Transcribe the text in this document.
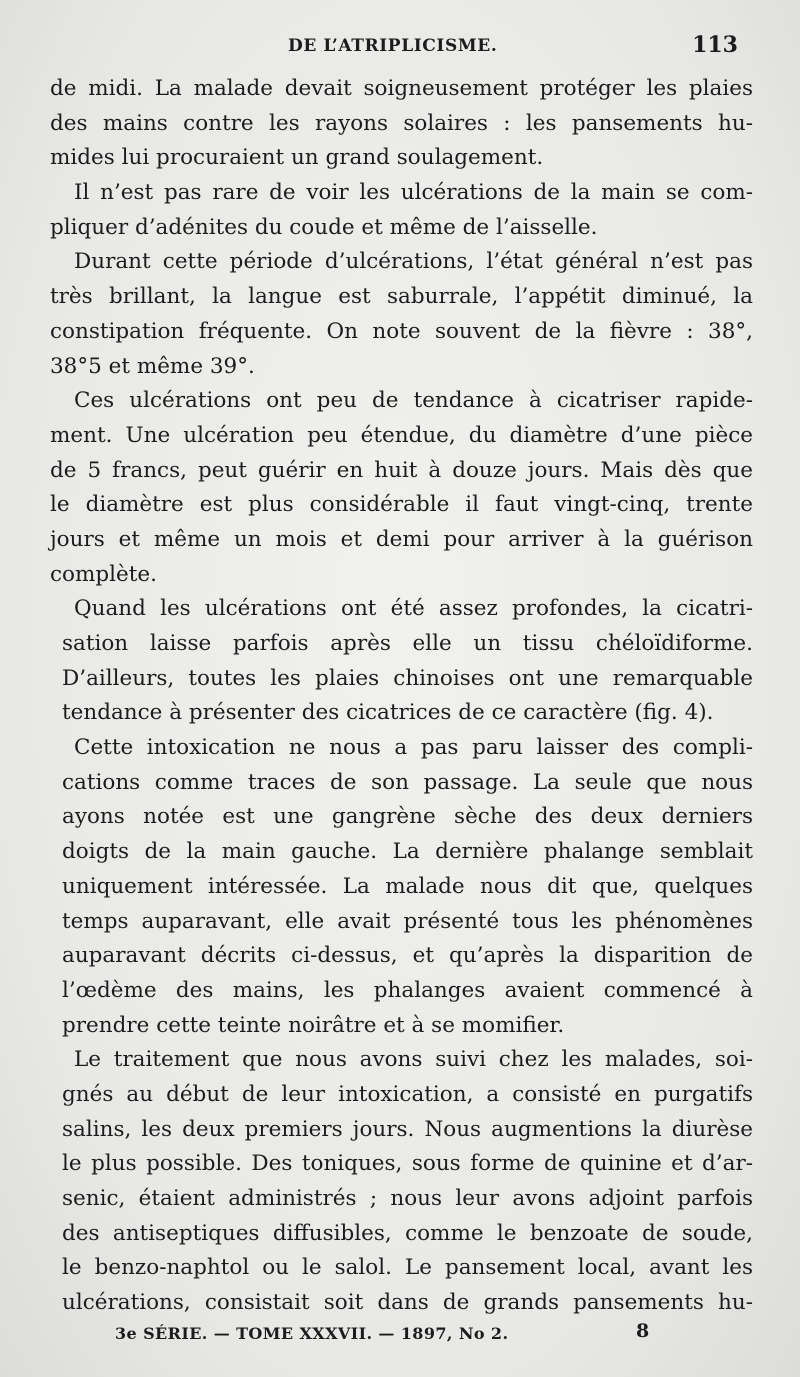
DE L’ATRIPLICISME.	113
de midi. La malade devait soigneusement protéger les plaies
des mains contre les rayons solaires : les pansements hu-
mides lui procuraient un grand soulagement.
Il n’est pas rare de voir les ulcérations de la main se com-
pliquer d’adénites du coude et même de l’aisselle.
Durant cette période d’ulcérations, l’état général n’est pas
très brillant, la langue est saburrale, l’appétit diminué, la
constipation fréquente. On note souvent de la fièvre : 38°,
38°5 et même 39°.
Ces ulcérations ont peu de tendance à cicatriser rapide-
ment. Une ulcération peu étendue, du diamètre d’une pièce
de 5 francs, peut guérir en huit à douze jours. Mais dès que
le diamètre est plus considérable il faut vingt-cinq, trente
jours et même un mois et demi pour arriver à la guérison
complète.
Quand les ulcérations ont été assez profondes, la cicatri-
sation laisse parfois après elle un tissu chéloïdiforme.
D’ailleurs, toutes les plaies chinoises ont une remarquable
tendance à présenter des cicatrices de ce caractère (fig. 4).
Cette intoxication ne nous a pas paru laisser des compli-
cations comme traces de son passage. La seule que nous
ayons notée est une gangrène sèche des deux derniers
doigts de la main gauche. La dernière phalange semblait
uniquement intéressée. La malade nous dit que, quelques
temps auparavant, elle avait présenté tous les phénomènes
auparavant décrits ci-dessus, et qu’après la disparition de
l’œdème des mains, les phalanges avaient commencé à
prendre cette teinte noirâtre et à se momifier.
Le traitement que nous avons suivi chez les malades, soi-
gnés au début de leur intoxication, a consisté en purgatifs
salins, les deux premiers jours. Nous augmentions la diurèse
le plus possible. Des toniques, sous forme de quinine et d’ar-
senic, étaient administrés ; nous leur avons adjoint parfois
des antiseptiques diffusibles, comme le benzoate de soude,
le benzo-naphtol ou le salol. Le pansement local, avant les
ulcérations, consistait soit dans de grands pansements hu-
3e SÉRIE. — TOME XXXVII. — 1897, No 2.	8
